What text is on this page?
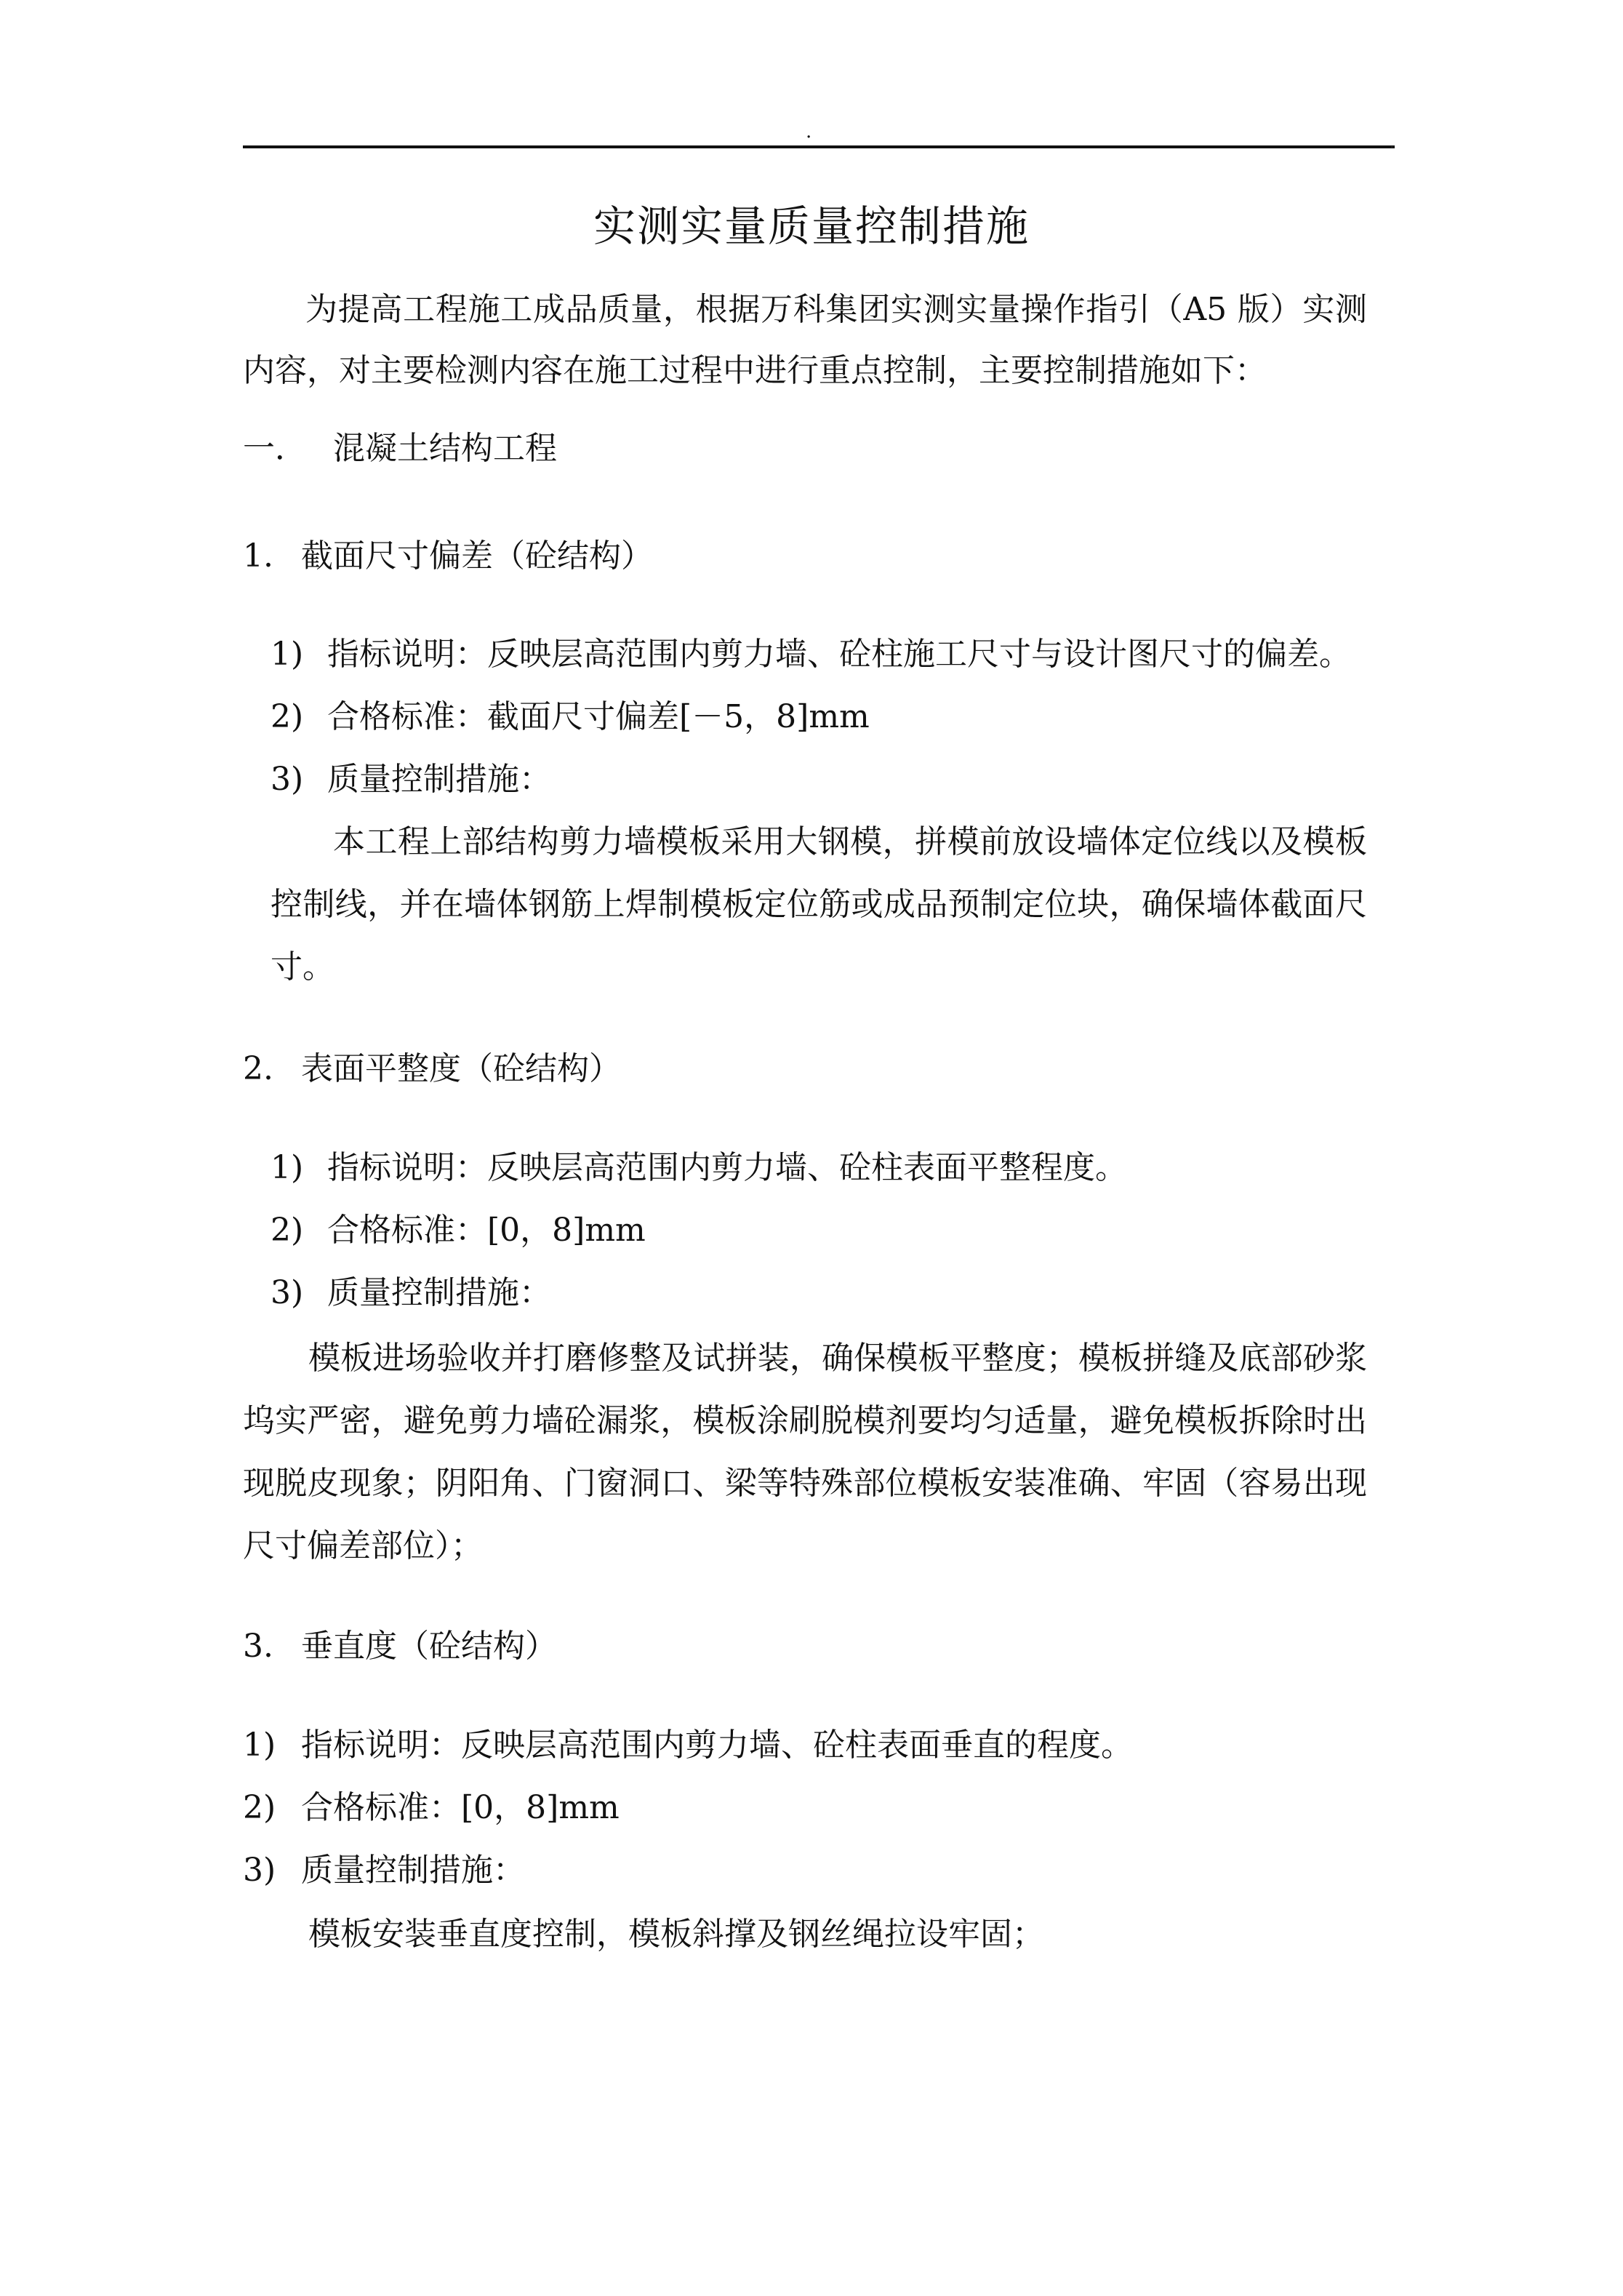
.
.
实测实量质量控制措施
为提高工程施工成品质量，根据万科集团实测实量操作指引（A5 版）实测
内容，对主要检测内容在施工过程中进行重点控制，主要控制措施如下：
一． 混凝土结构工程
1. 截面尺寸偏差（砼结构）
1) 指标说明：反映层高范围内剪力墙、砼柱施工尺寸与设计图尺寸的偏差。
2) 合格标准：截面尺寸偏差[－5，8]mm
3) 质量控制措施：
本工程上部结构剪力墙模板采用大钢模，拼模前放设墙体定位线以及模板
控制线，并在墙体钢筋上焊制模板定位筋或成品预制定位块，确保墙体截面尺
寸。
2. 表面平整度（砼结构）
1) 指标说明：反映层高范围内剪力墙、砼柱表面平整程度。
2) 合格标准：[0，8]mm
3) 质量控制措施：
模板进场验收并打磨修整及试拼装，确保模板平整度；模板拼缝及底部砂浆
坞实严密，避免剪力墙砼漏浆，模板涂刷脱模剂要均匀适量，避免模板拆除时出
现脱皮现象；阴阳角、门窗洞口、梁等特殊部位模板安装准确、牢固（容易出现
尺寸偏差部位）；
3. 垂直度（砼结构）
1) 指标说明：反映层高范围内剪力墙、砼柱表面垂直的程度。
2) 合格标准：[0，8]mm
3) 质量控制措施：
模板安装垂直度控制，模板斜撑及钢丝绳拉设牢固；
